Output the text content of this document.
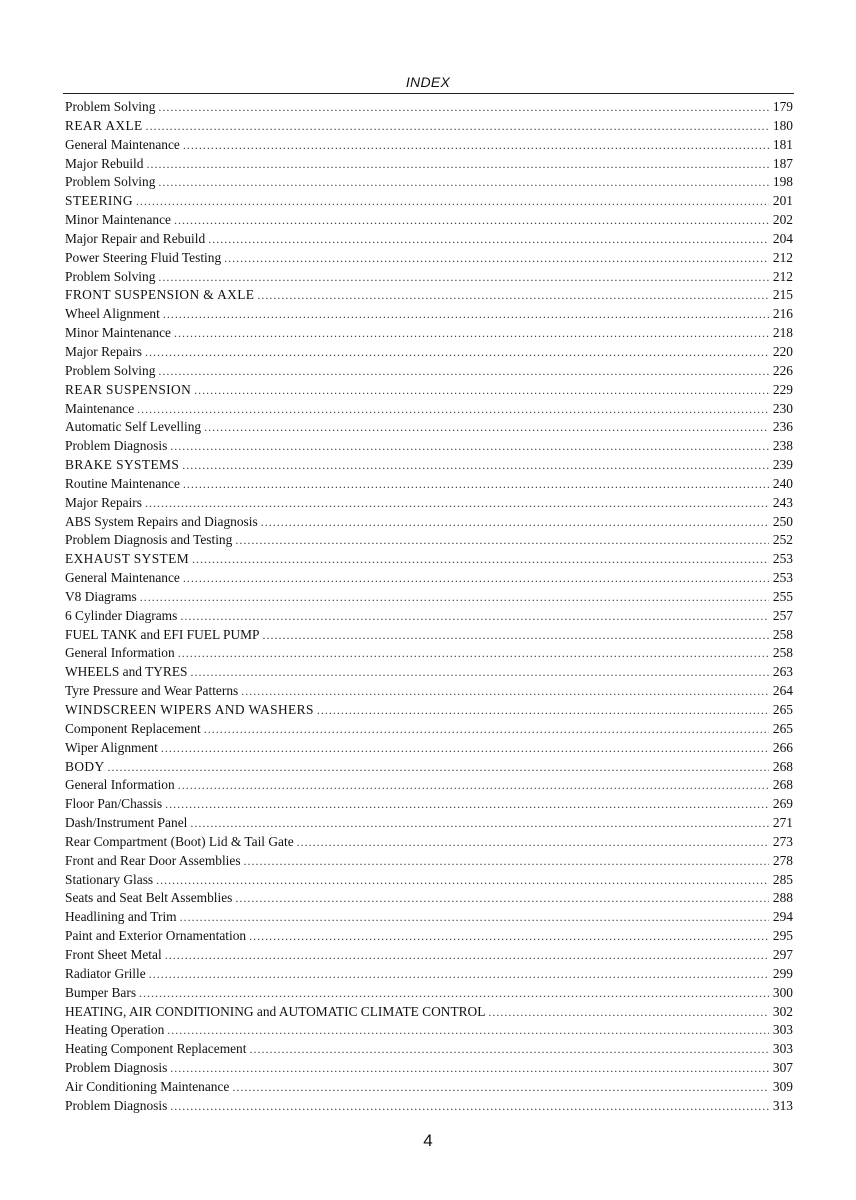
INDEX
Problem Solving .....	179
REAR AXLE .....	180
General Maintenance .....	181
Major Rebuild .....	187
Problem Solving .....	198
STEERING .....	201
Minor Maintenance .....	202
Major Repair and Rebuild .....	204
Power Steering Fluid Testing .....	212
Problem Solving .....	212
FRONT SUSPENSION & AXLE .....	215
Wheel Alignment .....	216
Minor Maintenance .....	218
Major Repairs .....	220
Problem Solving .....	226
REAR SUSPENSION .....	229
Maintenance .....	230
Automatic Self Levelling .....	236
Problem Diagnosis .....	238
BRAKE SYSTEMS .....	239
Routine Maintenance .....	240
Major Repairs .....	243
ABS System Repairs and Diagnosis .....	250
Problem Diagnosis and Testing .....	252
EXHAUST SYSTEM .....	253
General Maintenance .....	253
V8 Diagrams .....	255
6 Cylinder Diagrams .....	257
FUEL TANK and EFI FUEL PUMP .....	258
General Information .....	258
WHEELS and TYRES .....	263
Tyre Pressure and Wear Patterns .....	264
WINDSCREEN WIPERS AND WASHERS .....	265
Component Replacement .....	265
Wiper Alignment .....	266
BODY .....	268
General Information .....	268
Floor Pan/Chassis .....	269
Dash/Instrument Panel .....	271
Rear Compartment (Boot) Lid & Tail Gate .....	273
Front and Rear Door Assemblies .....	278
Stationary Glass .....	285
Seats and Seat Belt Assemblies .....	288
Headlining and Trim .....	294
Paint and Exterior Ornamentation .....	295
Front Sheet Metal .....	297
Radiator Grille .....	299
Bumper Bars .....	300
HEATING, AIR CONDITIONING and AUTOMATIC CLIMATE CONTROL .....	302
Heating Operation .....	303
Heating Component Replacement .....	303
Problem Diagnosis .....	307
Air Conditioning Maintenance .....	309
Problem Diagnosis .....	313
4
